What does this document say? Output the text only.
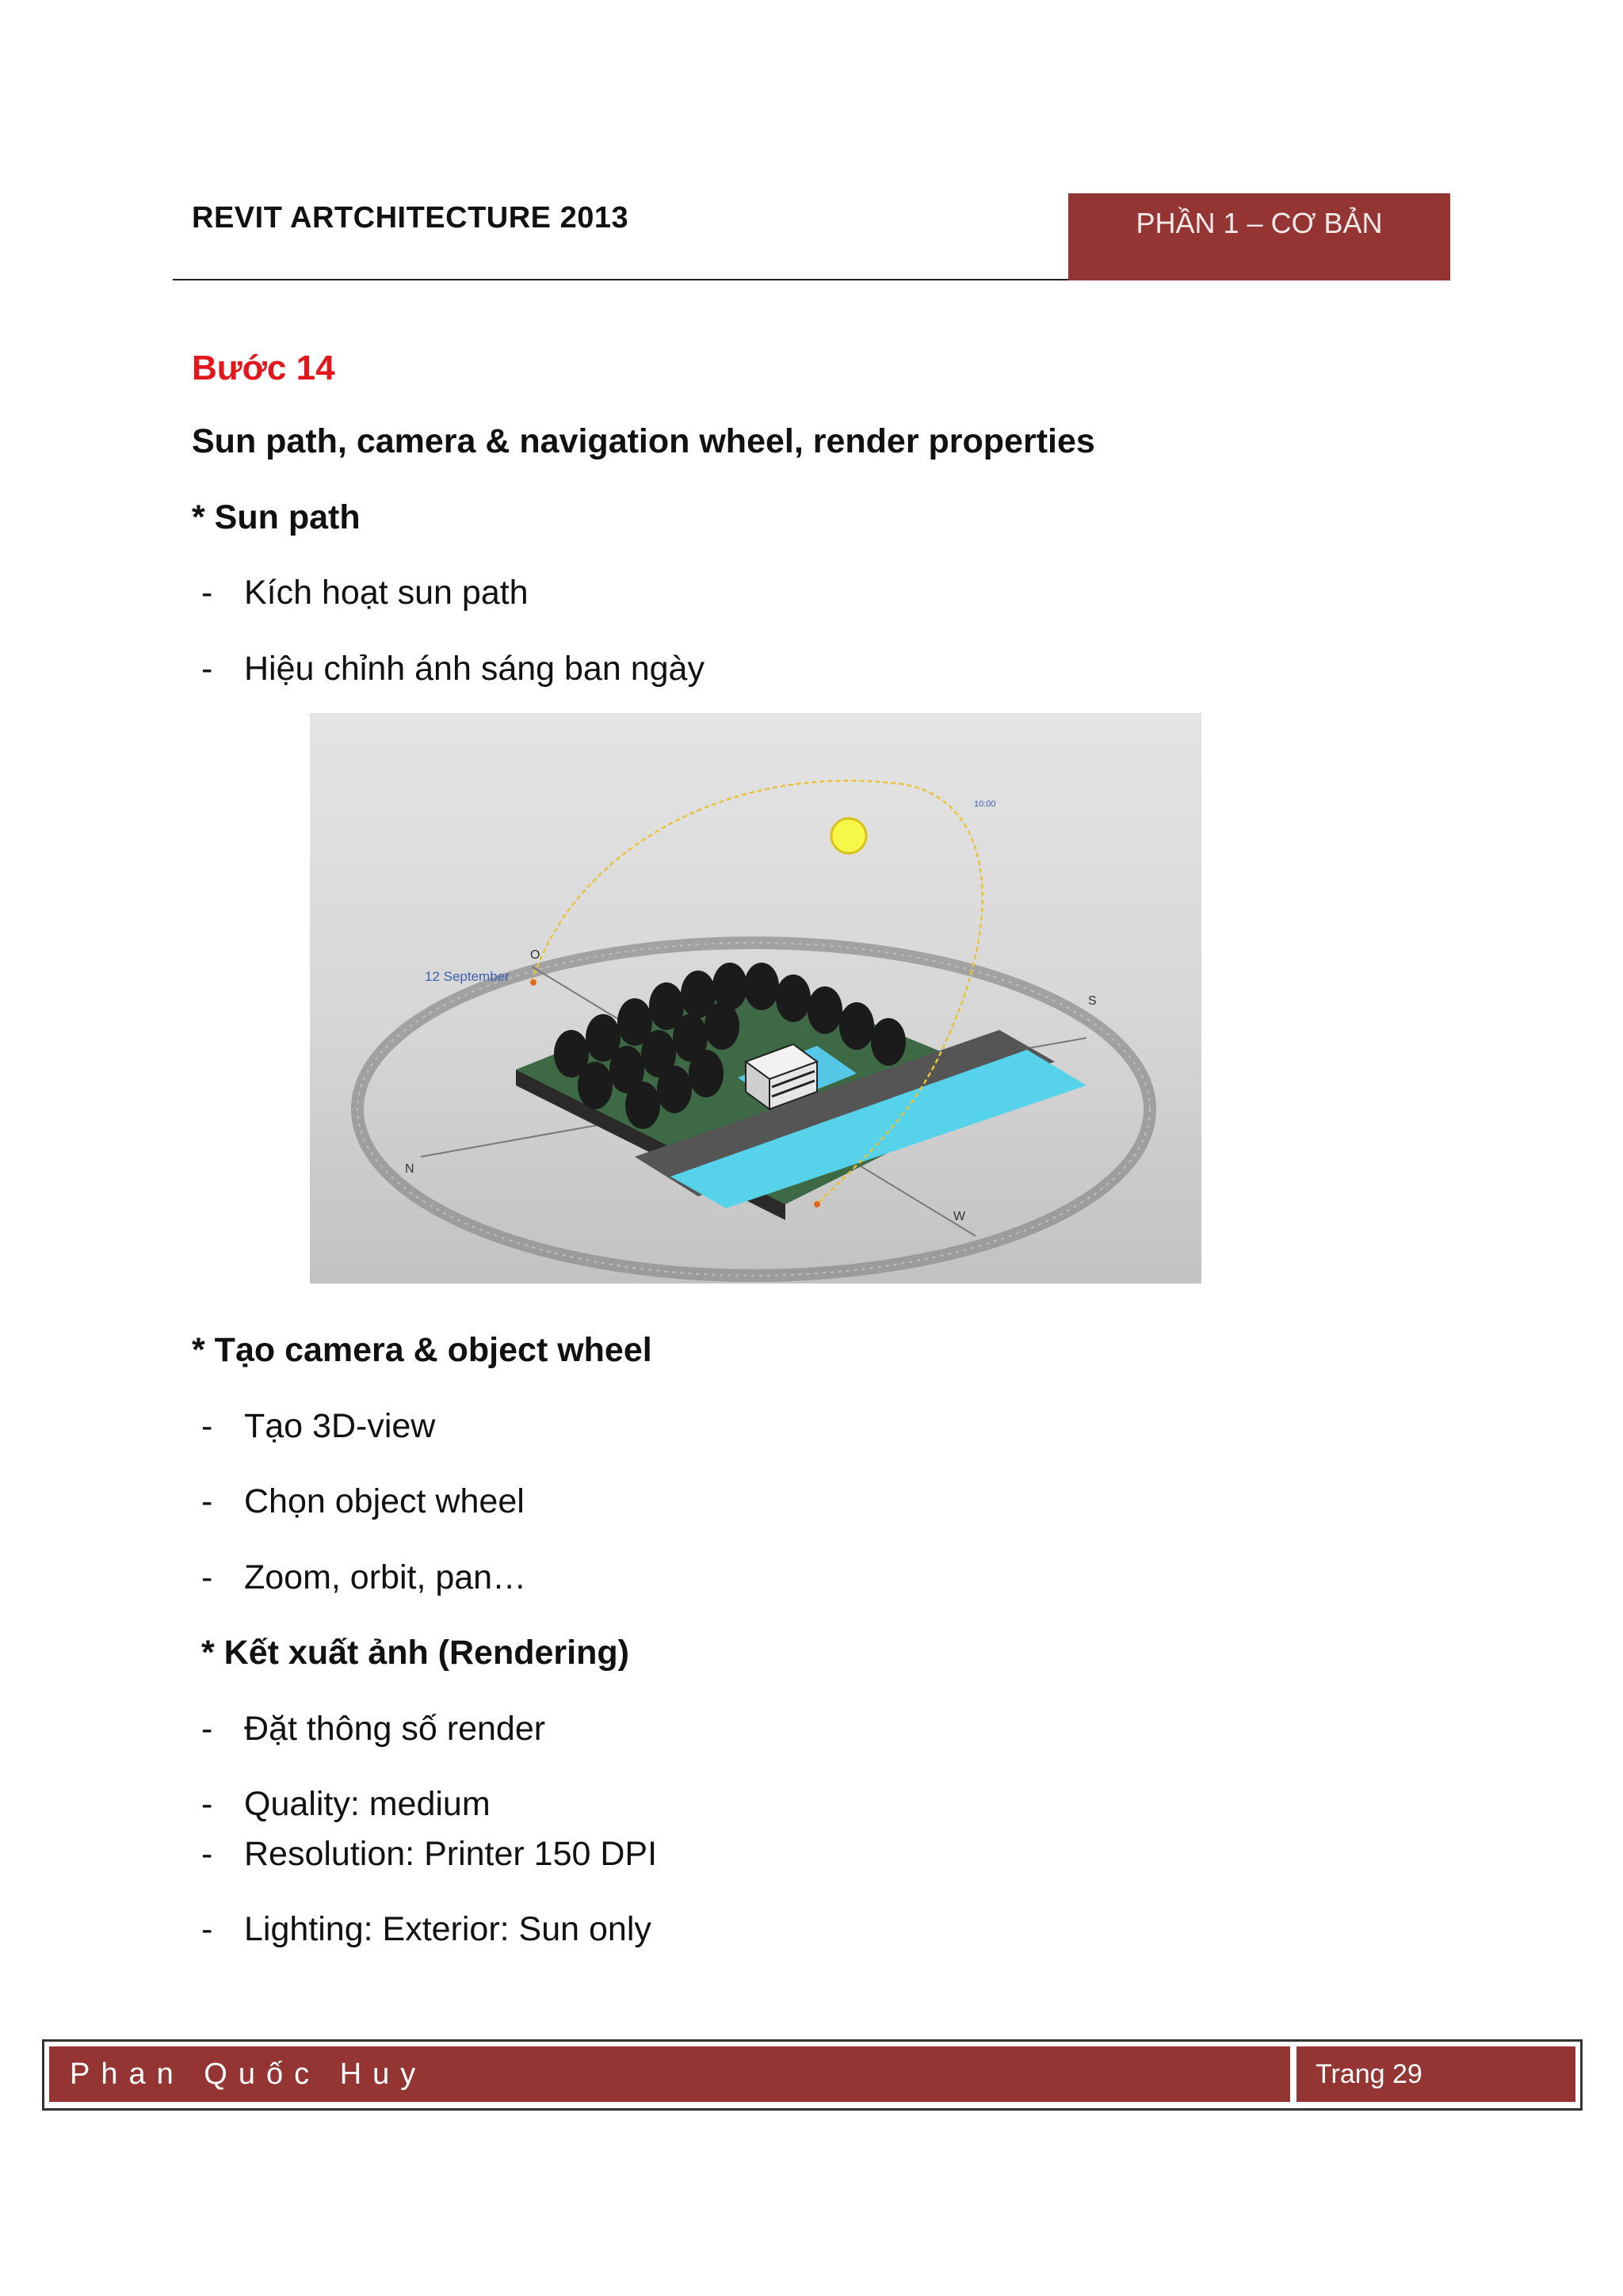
REVIT ARTCHITECTURE 2013	PHẦN 1 – CƠ BẢN
Bước 14
Sun path, camera & navigation wheel, render properties
* Sun path
- Kích hoạt sun path
- Hiệu chỉnh ánh sáng ban ngày
12 September
10:00
O
S
N
W
* Tạo camera & object wheel
- Tạo 3D-view
- Chọn object wheel
- Zoom, orbit, pan…
* Kết xuất ảnh (Rendering)
- Đặt thông số render
- Quality: medium
- Resolution: Printer 150 DPI
- Lighting: Exterior: Sun only
Phan Quốc Huy	Trang 29
